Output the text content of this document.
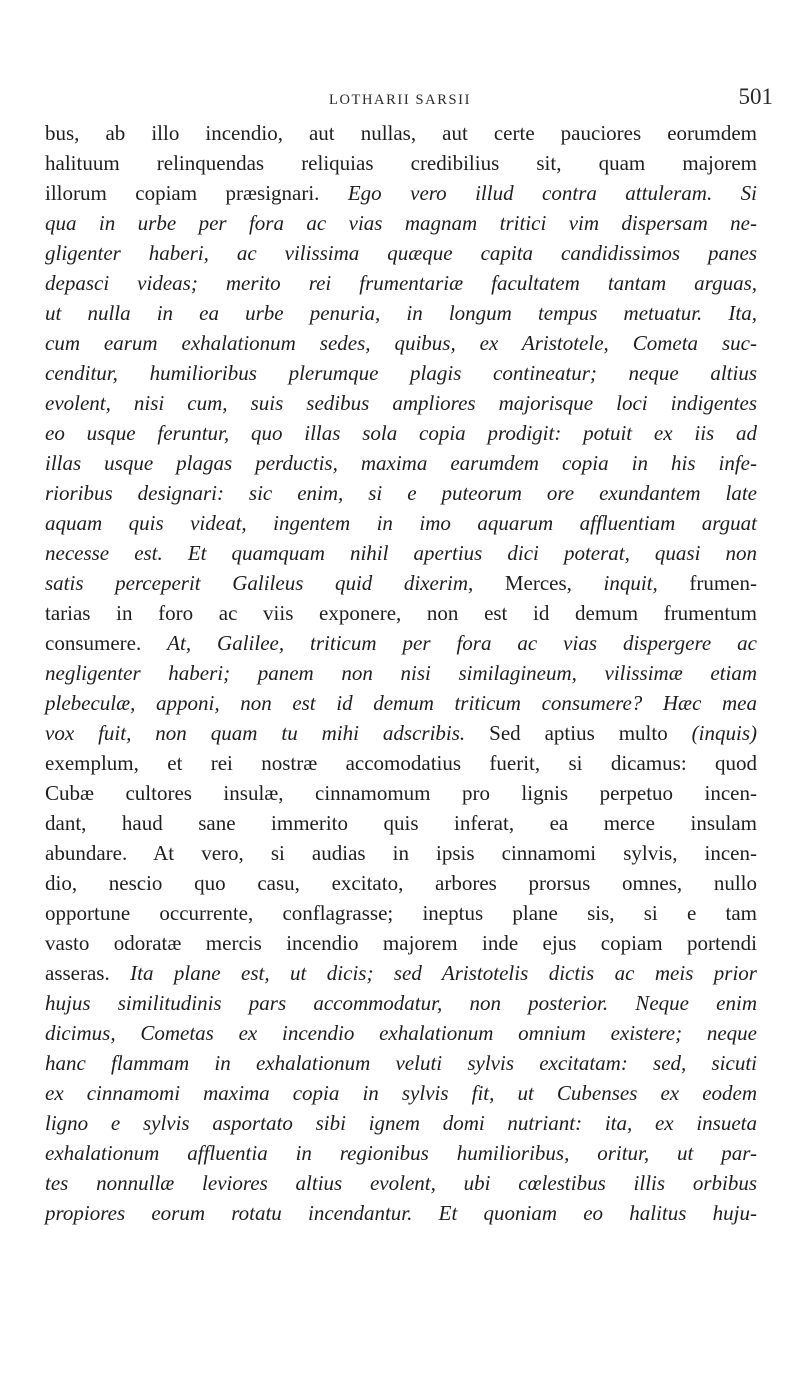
LOTHARII SARSII	501
bus, ab illo incendio, aut nullas, aut certe pauciores eorumdem
halituum relinquendas reliquias credibilius sit, quam majorem
illorum copiam præsignari. Ego vero illud contra attuleram. Si
qua in urbe per fora ac vias magnam tritici vim dispersam ne-
gligenter haberi, ac vilissima quæque capita candidissimos panes
depasci videas; merito rei frumentariæ facultatem tantam arguas,
ut nulla in ea urbe penuria, in longum tempus metuatur. Ita,
cum earum exhalationum sedes, quibus, ex Aristotele, Cometa suc-
cenditur, humilioribus plerumque plagis contineatur; neque altius
evolent, nisi cum, suis sedibus ampliores majorisque loci indigentes
eo usque feruntur, quo illas sola copia prodigit: potuit ex iis ad
illas usque plagas perductis, maxima earumdem copia in his infe-
rioribus designari: sic enim, si e puteorum ore exundantem late
aquam quis videat, ingentem in imo aquarum affluentiam arguat
necesse est. Et quamquam nihil apertius dici poterat, quasi non
satis perceperit Galileus quid dixerim, Merces, inquit, frumen-
tarias in foro ac viis exponere, non est id demum frumentum
consumere. At, Galilee, triticum per fora ac vias dispergere ac
negligenter haberi; panem non nisi similagineum, vilissimæ etiam
plebeculæ, apponi, non est id demum triticum consumere? Hæc mea
vox fuit, non quam tu mihi adscribis. Sed aptius multo (inquis)
exemplum, et rei nostræ accomodatius fuerit, si dicamus: quod
Cubæ cultores insulæ, cinnamomum pro lignis perpetuo incen-
dant, haud sane immerito quis inferat, ea merce insulam
abundare. At vero, si audias in ipsis cinnamomi sylvis, incen-
dio, nescio quo casu, excitato, arbores prorsus omnes, nullo
opportune occurrente, conflagrasse; ineptus plane sis, si e tam
vasto odoratæ mercis incendio majorem inde ejus copiam portendi
asseras. Ita plane est, ut dicis; sed Aristotelis dictis ac meis prior
hujus similitudinis pars accommodatur, non posterior. Neque enim
dicimus, Cometas ex incendio exhalationum omnium existere; neque
hanc flammam in exhalationum veluti sylvis excitatam: sed, sicuti
ex cinnamomi maxima copia in sylvis fit, ut Cubenses ex eodem
ligno e sylvis asportato sibi ignem domi nutriant: ita, ex insueta
exhalationum affluentia in regionibus humilioribus, oritur, ut par-
tes nonnullæ leviores altius evolent, ubi cœlestibus illis orbibus
propiores eorum rotatu incendantur. Et quoniam eo halitus huju-
